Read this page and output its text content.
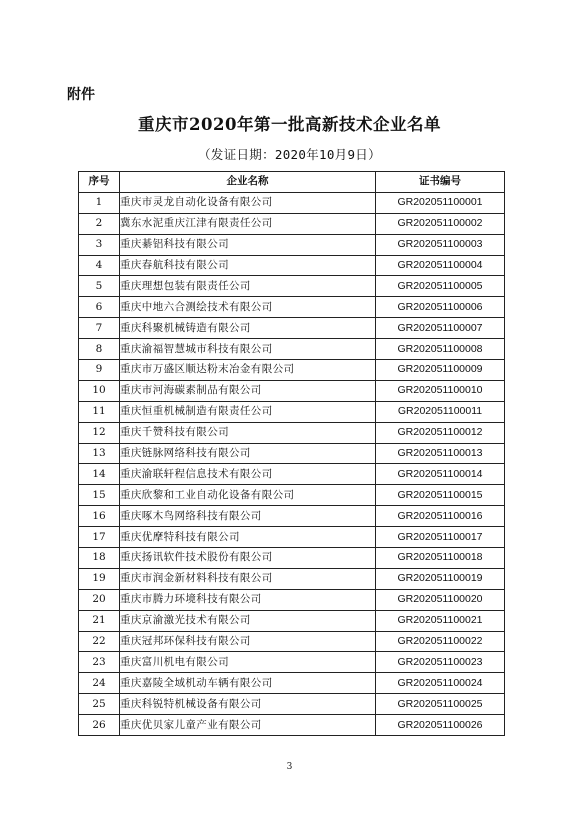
附件
重庆市2020年第一批高新技术企业名单
（发证日期：2020年10月9日）
序号	企业名称	证书编号
1	重庆市灵龙自动化设备有限公司	GR202051100001
2	冀东水泥重庆江津有限责任公司	GR202051100002
3	重庆綦铝科技有限公司	GR202051100003
4	重庆春航科技有限公司	GR202051100004
5	重庆理想包装有限责任公司	GR202051100005
6	重庆中地六合测绘技术有限公司	GR202051100006
7	重庆科聚机械铸造有限公司	GR202051100007
8	重庆渝福智慧城市科技有限公司	GR202051100008
9	重庆市万盛区顺达粉末冶金有限公司	GR202051100009
10	重庆市河海碳素制品有限公司	GR202051100010
11	重庆恒重机械制造有限责任公司	GR202051100011
12	重庆千赞科技有限公司	GR202051100012
13	重庆链脉网络科技有限公司	GR202051100013
14	重庆渝联轩程信息技术有限公司	GR202051100014
15	重庆欣黎和工业自动化设备有限公司	GR202051100015
16	重庆啄木鸟网络科技有限公司	GR202051100016
17	重庆优摩特科技有限公司	GR202051100017
18	重庆扬讯软件技术股份有限公司	GR202051100018
19	重庆市润金新材料科技有限公司	GR202051100019
20	重庆市腾力环境科技有限公司	GR202051100020
21	重庆京渝激光技术有限公司	GR202051100021
22	重庆冠邦环保科技有限公司	GR202051100022
23	重庆富川机电有限公司	GR202051100023
24	重庆嘉陵全域机动车辆有限公司	GR202051100024
25	重庆科锐特机械设备有限公司	GR202051100025
26	重庆优贝家儿童产业有限公司	GR202051100026
3
